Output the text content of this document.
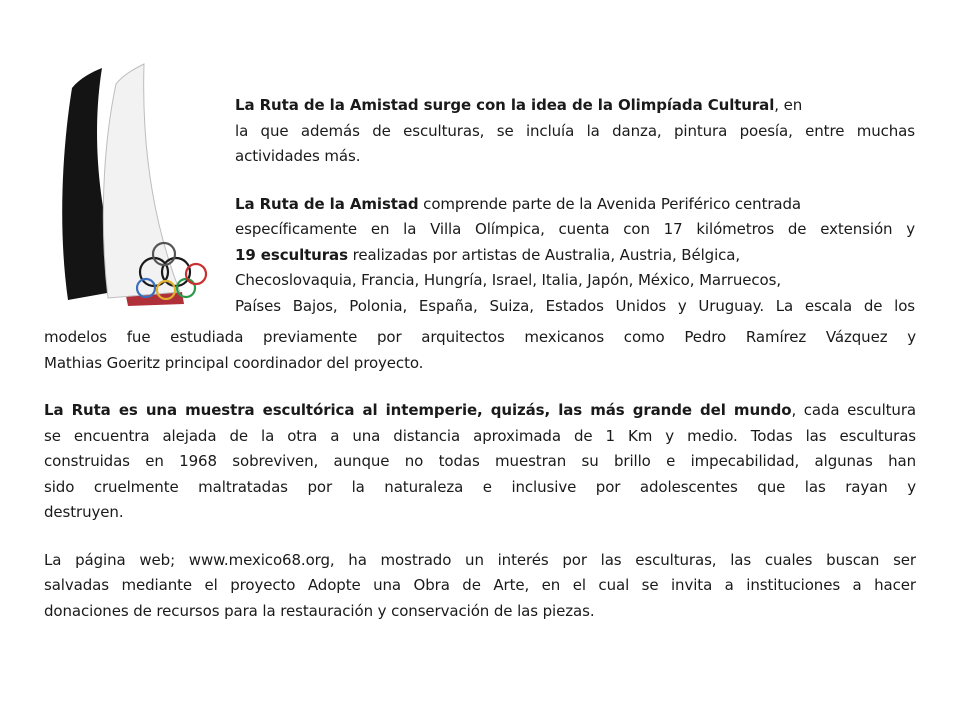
La Ruta de la Amistad surge con la idea de la Olimpíada Cultural, en
la que además de esculturas, se incluía la danza, pintura poesía, entre muchas
actividades más.
La Ruta de la Amistad comprende parte de la Avenida Periférico centrada
específicamente en la Villa Olímpica, cuenta con 17 kilómetros de extensión y
19 esculturas realizadas por artistas de Australia, Austria, Bélgica,
Checoslovaquia, Francia, Hungría, Israel, Italia, Japón, México, Marruecos,
Países Bajos, Polonia, España, Suiza, Estados Unidos y Uruguay. La escala de los
modelos fue estudiada previamente por arquitectos mexicanos como Pedro Ramírez Vázquez y
Mathias Goeritz principal coordinador del proyecto.
La Ruta es una muestra escultórica al intemperie, quizás, las más grande del mundo, cada escultura
se encuentra alejada de la otra a una distancia aproximada de 1 Km y medio. Todas las esculturas
construidas en 1968 sobreviven, aunque no todas muestran su brillo e impecabilidad, algunas han
sido cruelmente maltratadas por la naturaleza e inclusive por adolescentes que las rayan y
destruyen.
La página web; www.mexico68.org, ha mostrado un interés por las esculturas, las cuales buscan ser
salvadas mediante el proyecto Adopte una Obra de Arte, en el cual se invita a instituciones a hacer
donaciones de recursos para la restauración y conservación de las piezas.
